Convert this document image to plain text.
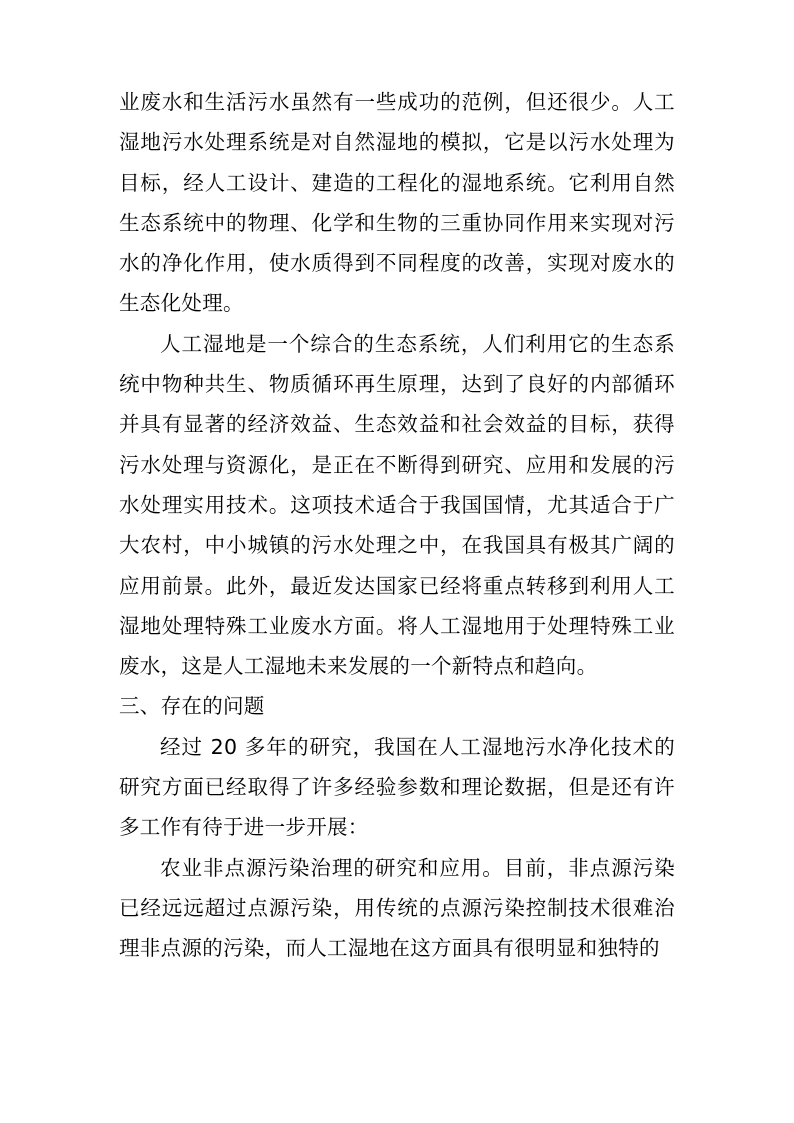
业废水和生活污水虽然有一些成功的范例，但还很少。人工湿地污水处理系统是对自然湿地的模拟，它是以污水处理为目标，经人工设计、建造的工程化的湿地系统。它利用自然生态系统中的物理、化学和生物的三重协同作用来实现对污水的净化作用，使水质得到不同程度的改善，实现对废水的生态化处理。

人工湿地是一个综合的生态系统，人们利用它的生态系统中物种共生、物质循环再生原理，达到了良好的内部循环并具有显著的经济效益、生态效益和社会效益的目标，获得污水处理与资源化，是正在不断得到研究、应用和发展的污水处理实用技术。这项技术适合于我国国情，尤其适合于广大农村，中小城镇的污水处理之中，在我国具有极其广阔的应用前景。此外，最近发达国家已经将重点转移到利用人工湿地处理特殊工业废水方面。将人工湿地用于处理特殊工业废水，这是人工湿地未来发展的一个新特点和趋向。

三、存在的问题

经过 20 多年的研究，我国在人工湿地污水净化技术的研究方面已经取得了许多经验参数和理论数据，但是还有许多工作有待于进一步开展：

农业非点源污染治理的研究和应用。目前，非点源污染已经远远超过点源污染，用传统的点源污染控制技术很难治理非点源的污染，而人工湿地在这方面具有很明显和独特的
